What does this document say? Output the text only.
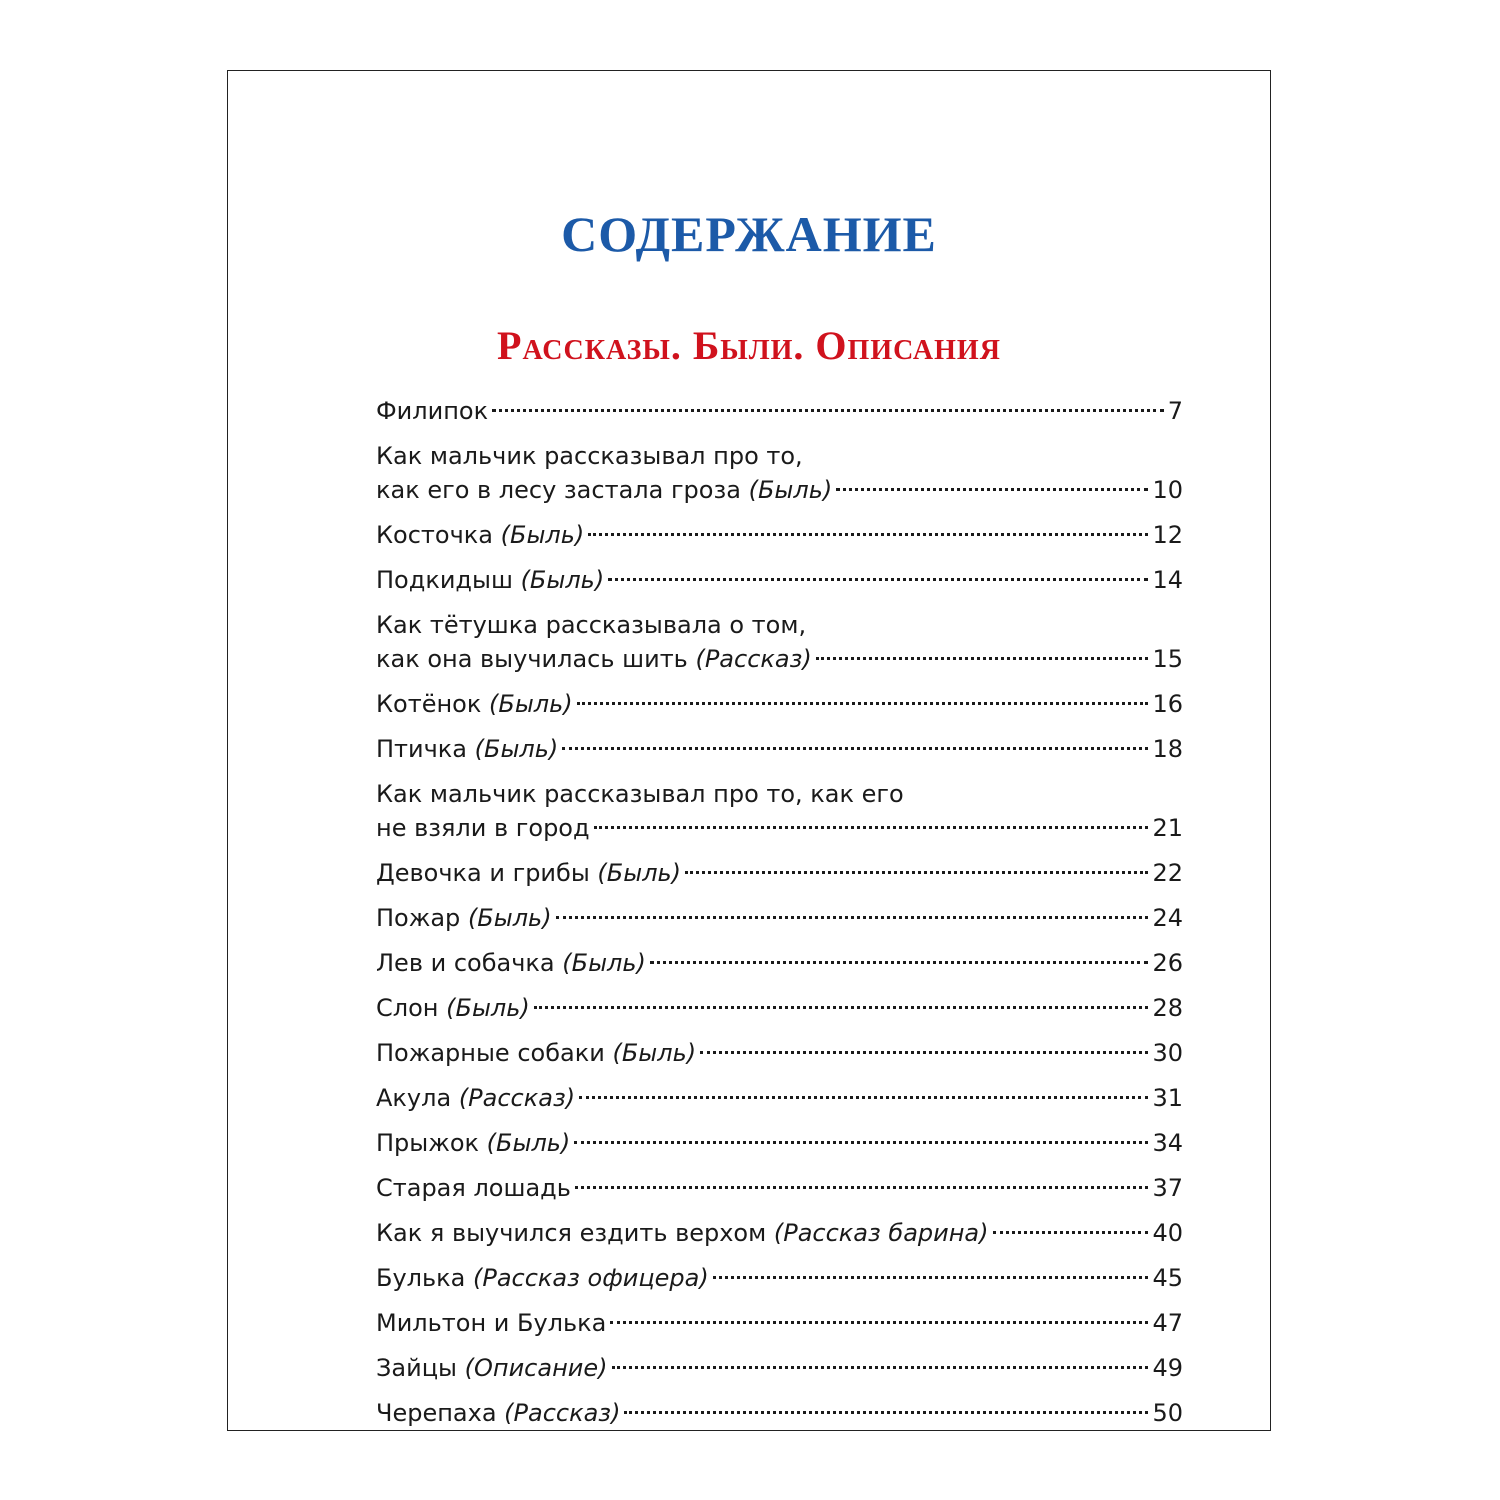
СОДЕРЖАНИЕ
Рассказы. Были. Описания
Филипок	7
Как мальчик рассказывал про то,
как его в лесу застала гроза (Быль)	10
Косточка (Быль)	12
Подкидыш (Быль)	14
Как тётушка рассказывала о том,
как она выучилась шить (Рассказ)	15
Котёнок (Быль)	16
Птичка (Быль)	18
Как мальчик рассказывал про то, как его
не взяли в город	21
Девочка и грибы (Быль)	22
Пожар (Быль)	24
Лев и собачка (Быль)	26
Слон (Быль)	28
Пожарные собаки (Быль)	30
Акула (Рассказ)	31
Прыжок (Быль)	34
Старая лошадь	37
Как я выучился ездить верхом (Рассказ барина)	40
Булька (Рассказ офицера)	45
Мильтон и Булька	47
Зайцы (Описание)	49
Черепаха (Рассказ)	50
